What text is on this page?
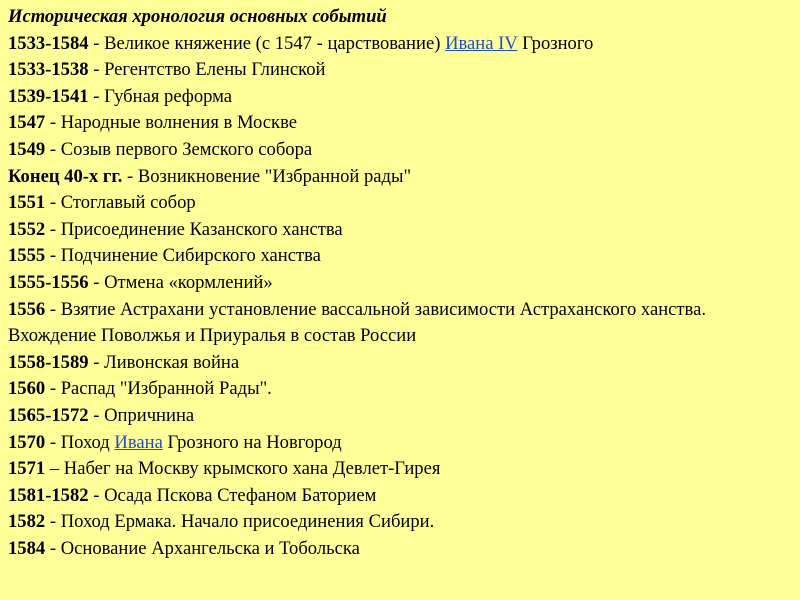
Историческая хронология основных событий
1533-1584 - Великое княжение (с 1547 - царствование) Ивана IV Грозного
1533-1538 - Регентство Елены Глинской
1539-1541 - Губная реформа
1547 - Народные волнения в Москве
1549 - Созыв первого Земского собора
Конец 40-х гг. - Возникновение "Избранной рады"
1551 - Стоглавый собор
1552 - Присоединение Казанского ханства
1555 - Подчинение Сибирского ханства
1555-1556 - Отмена «кормлений»
1556 - Взятие Астрахани установление вассальной зависимости Астраханского ханства. Вхождение Поволжья и Приуралья в состав России
1558-1589 - Ливонская война
1560 - Распад "Избранной Рады".
1565-1572 - Опричнина
1570 - Поход Ивана Грозного на Новгород
1571 – Набег на Москву крымского хана Девлет-Гирея
1581-1582 - Осада Пскова Стефаном Баторием
1582 - Поход Ермака. Начало присоединения Сибири.
1584 - Основание Архангельска и Тобольска
